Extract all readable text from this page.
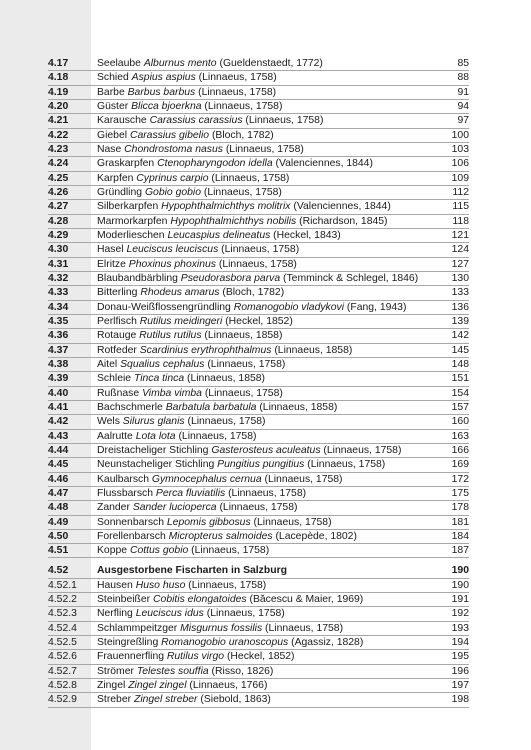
4.17	Seelaube Alburnus mento (Gueldenstaedt, 1772)	85
4.18	Schied Aspius aspius (Linnaeus, 1758)	88
4.19	Barbe Barbus barbus (Linnaeus, 1758)	91
4.20	Güster Blicca bjoerkna (Linnaeus, 1758)	94
4.21	Karausche Carassius carassius (Linnaeus, 1758)	97
4.22	Giebel Carassius gibelio (Bloch, 1782)	100
4.23	Nase Chondrostoma nasus (Linnaeus, 1758)	103
4.24	Graskarpfen Ctenopharyngodon idella (Valenciennes, 1844)	106
4.25	Karpfen Cyprinus carpio (Linnaeus, 1758)	109
4.26	Gründling Gobio gobio (Linnaeus, 1758)	112
4.27	Silberkarpfen Hypophthalmichthys molitrix (Valenciennes, 1844)	115
4.28	Marmorkarpfen Hypophthalmichthys nobilis (Richardson, 1845)	118
4.29	Moderlieschen Leucaspius delineatus (Heckel, 1843)	121
4.30	Hasel Leuciscus leuciscus (Linnaeus, 1758)	124
4.31	Elritze Phoxinus phoxinus (Linnaeus, 1758)	127
4.32	Blaubandbärbling Pseudorasbora parva (Temminck & Schlegel, 1846)	130
4.33	Bitterling Rhodeus amarus (Bloch, 1782)	133
4.34	Donau-Weißflossengründling Romanogobio vladykovi (Fang, 1943)	136
4.35	Perlfisch Rutilus meidingeri (Heckel, 1852)	139
4.36	Rotauge Rutilus rutilus (Linnaeus, 1858)	142
4.37	Rotfeder Scardinius erythrophthalmus (Linnaeus, 1858)	145
4.38	Aitel Squalius cephalus (Linnaeus, 1758)	148
4.39	Schleie Tinca tinca (Linnaeus, 1858)	151
4.40	Rußnase Vimba vimba (Linnaeus, 1758)	154
4.41	Bachschmerle Barbatula barbatula (Linnaeus, 1858)	157
4.42	Wels Silurus glanis (Linnaeus, 1758)	160
4.43	Aalrutte Lota lota (Linnaeus, 1758)	163
4.44	Dreistacheliger Stichling Gasterosteus aculeatus (Linnaeus, 1758)	166
4.45	Neunstacheliger Stichling Pungitius pungitius (Linnaeus, 1758)	169
4.46	Kaulbarsch Gymnocephalus cernua (Linnaeus, 1758)	172
4.47	Flussbarsch Perca fluviatilis (Linnaeus, 1758)	175
4.48	Zander Sander lucioperca (Linnaeus, 1758)	178
4.49	Sonnenbarsch Lepomis gibbosus (Linnaeus, 1758)	181
4.50	Forellenbarsch Micropterus salmoides (Lacepède, 1802)	184
4.51	Koppe Cottus gobio (Linnaeus, 1758)	187
4.52	Ausgestorbene Fischarten in Salzburg	190
4.52.1 Hausen Huso huso (Linnaeus, 1758)	190
4.52.2 Steinbeißer Cobitis elongatoides (Băcescu & Maier, 1969)	191
4.52.3 Nerfling Leuciscus idus (Linnaeus, 1758)	192
4.52.4 Schlammpeitzger Misgurnus fossilis (Linnaeus, 1758)	193
4.52.5 Steingreßling Romanogobio uranoscopus (Agassiz, 1828)	194
4.52.6 Frauennerfling Rutilus virgo (Heckel, 1852)	195
4.52.7 Strömer Telestes souffia (Risso, 1826)	196
4.52.8 Zingel Zingel zingel (Linnaeus, 1766)	197
4.52.9 Streber Zingel streber (Siebold, 1863)	198
